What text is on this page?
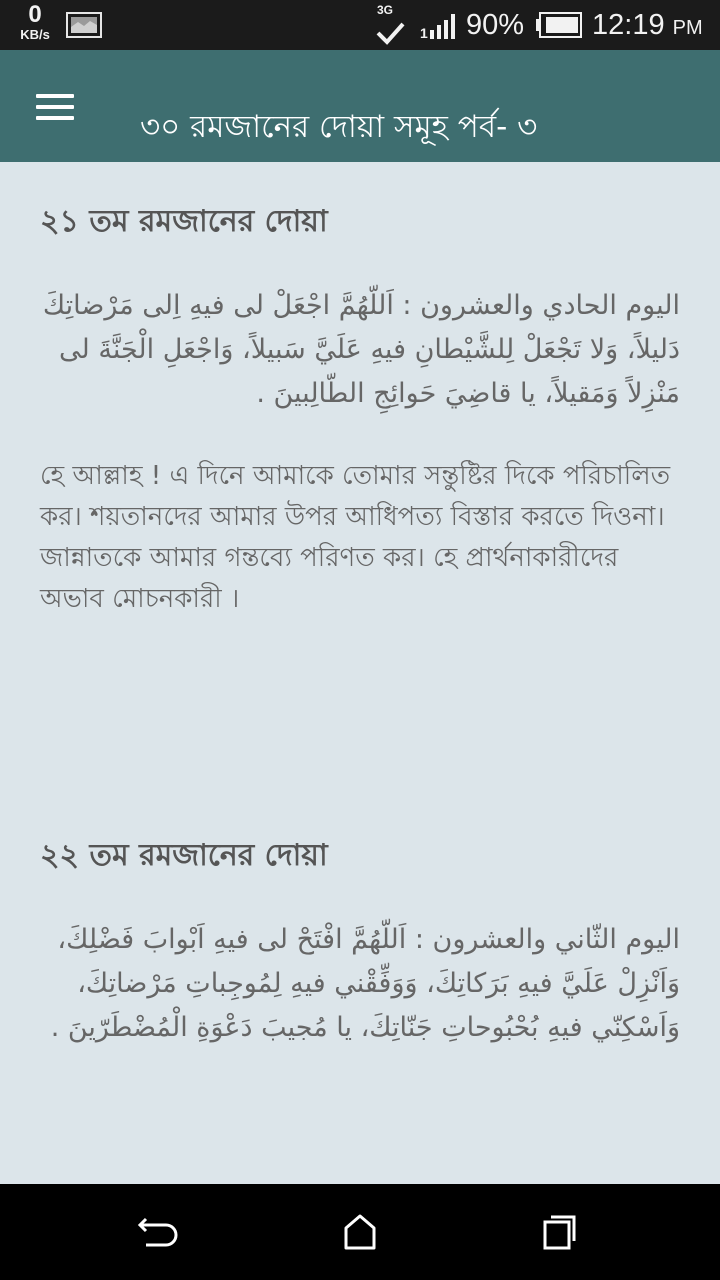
0
KB/s
3G
1 90% 12:19 PM
৩০ রমজানের দোয়া সমূহ পর্ব- ৩
২১ তম রমজানের দোয়া

اليوم الحادي والعشرون : اَللّهُمَّ اجْعَلْ لی فيهِ اِلی مَرْضاتِكَ دَليلاً، وَلا تَجْعَلْ لِلشَّيْطانِ فيهِ عَلَيَّ سَبيلاً، وَاجْعَلِ الْجَنَّةَ لی مَنْزِلاً وَمَقيلاً، يا قاضِيَ حَوائِجِ الطّالِبينَ .

হে আল্লাহ ! এ দিনে আমাকে তোমার সন্তুষ্টির দিকে পরিচালিত কর। শয়তানদের আমার উপর আধিপত্য বিস্তার করতে দিওনা। জান্নাতকে আমার গন্তব্যে পরিণত কর। হে প্রার্থনাকারীদের অভাব মোচনকারী ।

২২ তম রমজানের দোয়া

اليوم الثّاني والعشرون : اَللّهُمَّ افْتَحْ لی فيهِ اَبْوابَ فَضْلِكَ، وَاَنْزِلْ عَلَيَّ فيهِ بَرَكاتِكَ، وَوَفِّقْني فيهِ لِمُوجِباتِ مَرْضاتِكَ، وَاَسْكِنّي فيهِ بُحْبُوحاتِ جَنّاتِكَ، يا مُجيبَ دَعْوَةِ الْمُضْطَرّينَ .
